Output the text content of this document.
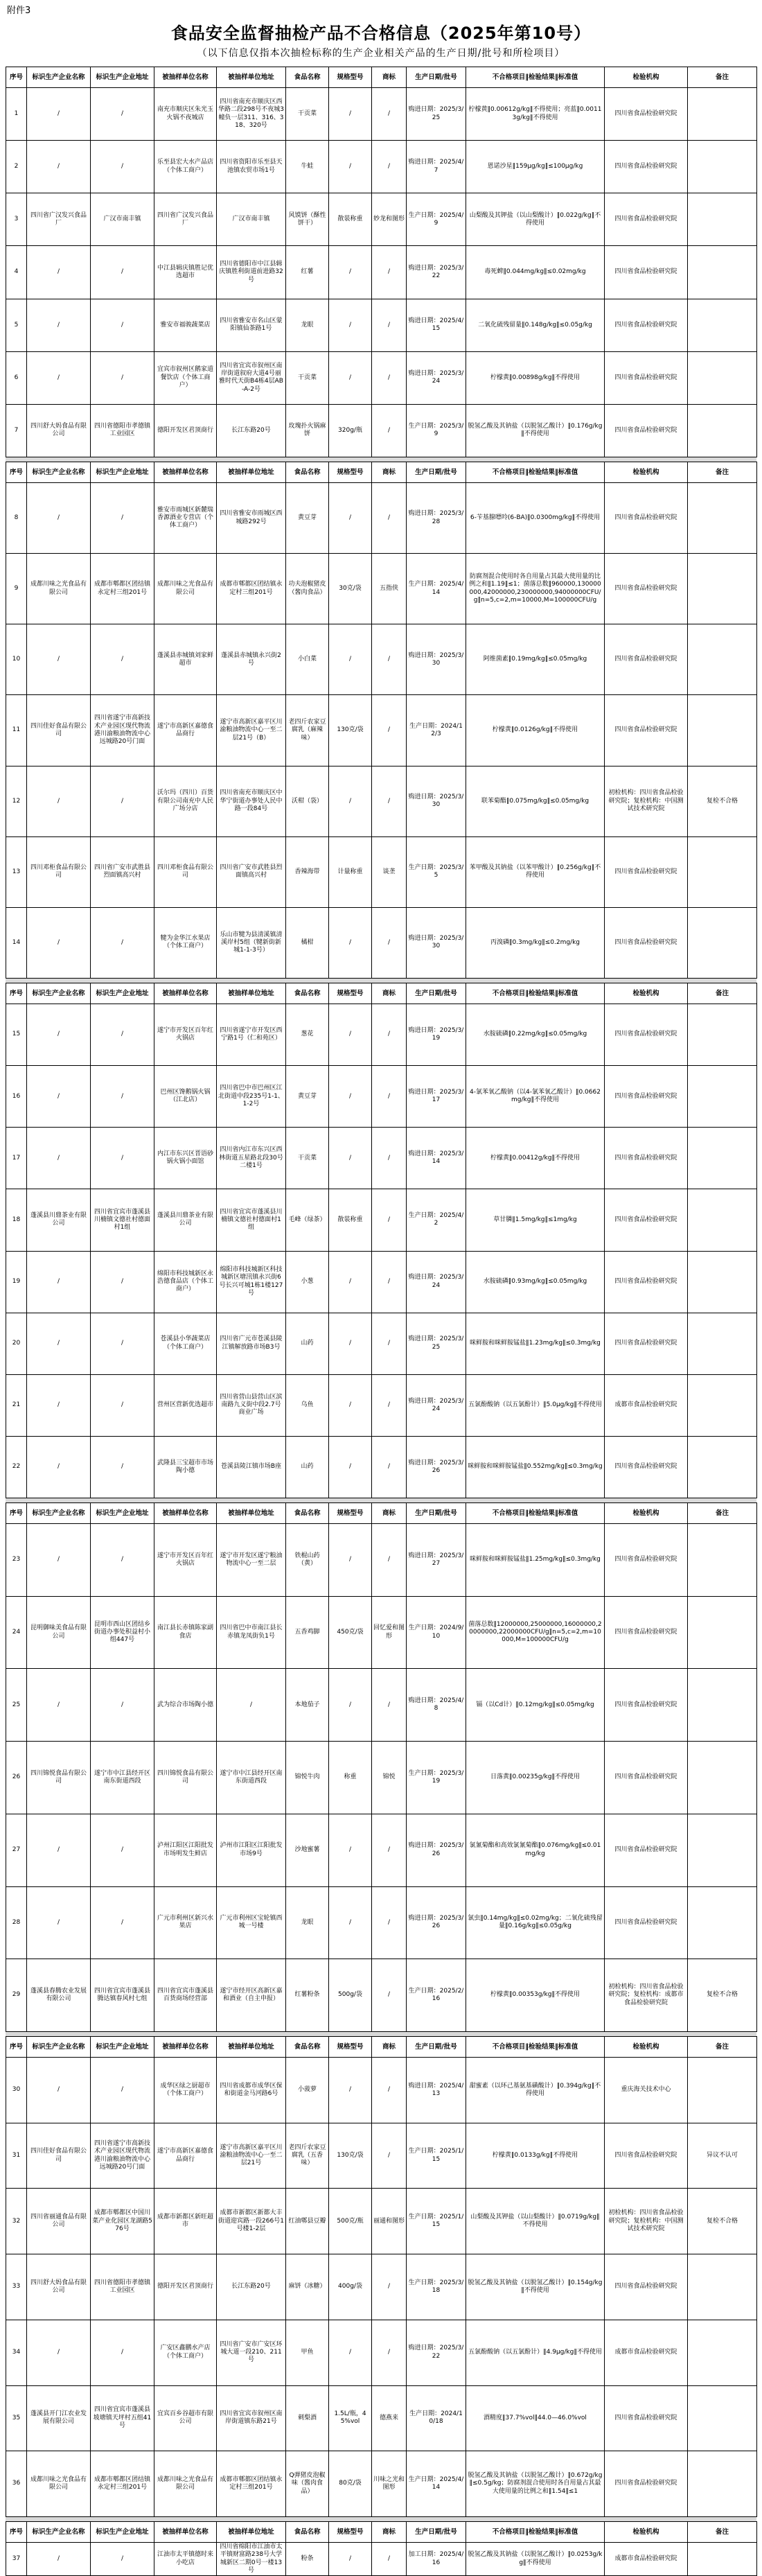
附件3
食品安全监督抽检产品不合格信息（2025年第10号）
（以下信息仅指本次抽检标称的生产企业相关产品的生产日期/批号和所检项目）
序号	标识生产企业名称	标识生产企业地址	被抽样单位名称	被抽样单位地址	食品名称	规格型号	商标	生产日期/批号	不合格项目‖检验结果‖标准值	检验机构	备注
1	/	/	南充市顺庆区朱光玉火锅不夜城店	四川省南充市顺庆区西华路二段298号不夜城3幢负一层311、316、318、320号	干贡菜	/	/	购进日期：2025/3/25	柠檬黄‖0.00612g/kg‖不得使用；亮蓝‖0.00113g/kg‖不得使用	四川省食品检验研究院	
2	/	/	乐至县宏大水产品店（个体工商户）	四川省资阳市乐至县天池镇农贸市场1号	牛蛙	/	/	购进日期：2025/4/7	恩诺沙星‖159μg/kg‖≤100μg/kg	四川省食品检验研究院	
3	四川省广汉发兴食品厂	广汉市南丰镇	四川省广汉发兴食品厂	广汉市南丰镇	风馍饼（酥性饼干）	散装称重	妙龙和图形	生产日期：2025/4/9	山梨酸及其钾盐（以山梨酸计）‖0.022g/kg‖不得使用	四川省食品检验研究院	
4	/	/	中江县辑庆镇胜记优选超市	四川省德阳市中江县辑庆镇胜利街道前进路32号	红薯	/	/	购进日期：2025/3/22	毒死蜱‖0.044mg/kg‖≤0.02mg/kg	四川省食品检验研究院	
5	/	/	雅安市福骏蔬菜店	四川省雅安市名山区蒙阳镇仙茶路1号	龙眼	/	/	购进日期：2025/4/15	二氧化硫残留量‖0.148g/kg‖≤0.05g/kg	四川省食品检验研究院	
6	/	/	宜宾市叙州区鹅家道餐饮店（个体工商户）	四川省宜宾市叙州区南岸街道叙府大道4号丽雅时代天街B4栋4层AB-A-2号	干贡菜	/	/	购进日期：2025/3/24	柠檬黄‖0.00898g/kg‖不得使用	四川省食品检验研究院	
7	四川舒大妈食品有限公司	四川省德阳市孝德镇工业园区	德阳开发区君顶商行	长江东路20号	玫瑰扑火锅麻饼	320g/瓶	/	生产日期：2025/3/9	脱氢乙酸及其钠盐（以脱氢乙酸计）‖0.176g/kg‖不得使用	四川省食品检验研究院	
序号	标识生产企业名称	标识生产企业地址	被抽样单位名称	被抽样单位地址	食品名称	规格型号	商标	生产日期/批号	不合格项目‖检验结果‖标准值	检验机构	备注
8	/	/	雅安市雨城区新麓瑞香源酒业专营店（个体工商户）	四川省雅安市雨城区西城路292号	黄豆芽	/	/	购进日期：2025/3/28	6-苄基腺嘌呤(6-BA)‖0.0300mg/kg‖不得使用	四川省食品检验研究院	
9	成都川味之光食品有限公司	成都市郫都区团结镇永定村三组201号	成都川味之光食品有限公司	成都市郫都区团结镇永定村三组201号	功夫泡椒猪皮（酱肉食品）	30克/袋	五指侠	生产日期：2025/4/14	防腐剂混合使用时各自用量占其最大使用量的比例之和‖1.19‖≤1；菌落总数‖960000,130000000,42000000,230000000,94000000CFU/g‖n=5,c=2,m=10000,M=100000CFU/g	四川省食品检验研究院	
10	/	/	蓬溪县赤城镇刘家鲜超市	蓬溪县赤城镇永兴街2号	小白菜	/	/	购进日期：2025/3/30	阿维菌素‖0.19mg/kg‖≤0.05mg/kg	四川省食品检验研究院	
11	四川佳好食品有限公司	四川省遂宁市高新技术产业园区现代物流港川渝粮油物流中心远城路20号门面	遂宁市高新区嘉德食品商行	遂宁市高新区嘉平区川渝粮油物流中心一至二层21号（B）	老四斤农家豆腐乳（麻辣味）	130克/袋	/	生产日期：2024/12/3	柠檬黄‖0.0126g/kg‖不得使用	四川省食品检验研究院	
12	/	/	沃尔玛（四川）百货有限公司南充中人民广场分店	四川省南充市顺庆区中华宁街道办事处人民中路一段84号	沃柑（袋）	/	/	购进日期：2025/3/30	联苯菊酯‖0.075mg/kg‖≤0.05mg/kg	初检机构：四川省食品检验研究院；复检机构：中国测试技术研究院	复检不合格
13	四川邓柜食品有限公司	四川省广安市武胜县烈面镇高兴村	四川邓柜食品有限公司	四川省广安市武胜县烈面镇高兴村	香辣海带	计量称重	谈垄	生产日期：2025/3/5	苯甲酸及其钠盐（以苯甲酸计）‖0.256g/kg‖不得使用	四川省食品检验研究院	
14	/	/	犍为金华江水果店（个体工商户）	乐山市犍为县清溪镇清溪岸村5组（犍新街新城1-1-3号）	橘柑	/	/	购进日期：2025/3/30	丙溴磷‖0.3mg/kg‖≤0.2mg/kg	四川省食品检验研究院	
序号	标识生产企业名称	标识生产企业地址	被抽样单位名称	被抽样单位地址	食品名称	规格型号	商标	生产日期/批号	不合格项目‖检验结果‖标准值	检验机构	备注
15	/	/	遂宁市开发区百年红火锅店	四川省遂宁市开发区西宁路1号（仁和苑区）	葱花	/	/	购进日期：2025/3/19	水胺硫磷‖0.22mg/kg‖≤0.05mg/kg	四川省食品检验研究院	
16	/	/	巴州区馋鹅锅火锅（江北店）	四川省巴中市巴州区江北街道中段235号1-1、1-2号	黄豆芽	/	/	购进日期：2025/3/17	4-氯苯氧乙酸钠（以4-氯苯氧乙酸计）‖0.0662mg/kg‖不得使用	四川省食品检验研究院	
17	/	/	内江市东兴区晋语砂锅火锅小面馆	四川省内江市东兴区西林街道五星路北段30号二楼1号	干贡菜	/	/	购进日期：2025/3/14	柠檬黄‖0.00412g/kg‖不得使用	四川省食品检验研究院	
18	蓬溪县川鼎茶业有限公司	四川省宜宾市蓬溪县川楠镇文德社村德面村1组	蓬溪县川鼎茶业有限公司	四川省宜宾市蓬溪县川楠镇文德社村德面村1组	毛峰（绿茶）	散装称重	/	生产日期：2025/4/2	草甘膦‖1.5mg/kg‖≤1mg/kg	四川省食品检验研究院	
19	/	/	绵阳市科技城新区永浩德食品店（个体工商户）	绵阳市科技城新区科技城新区塘汛镇永兴街6号长兴可城1栋1楼127号	小葱	/	/	购进日期：2025/3/24	水胺硫磷‖0.93mg/kg‖≤0.05mg/kg	四川省食品检验研究院	
20	/	/	苍溪县小华蔬菜店（个体工商户）	四川省广元市苍溪县陵江镇解放路市场B3号	山药	/	/	购进日期：2025/3/25	咪鲜胺和咪鲜胺锰盐‖1.23mg/kg‖≤0.3mg/kg	四川省食品检验研究院	
21	/	/	营州区营新优选超市	四川省营山县营山区滨南路九义街中段2.7号商业广场	乌鱼	/	/	购进日期：2025/3/24	五氯酚酸钠（以五氯酚计）‖5.0μg/kg‖不得使用	成都市食品检验研究院	
22	/	/	武隆县三宝超市市场陶小德	苍溪县陵江镇市场B座	山药	/	/	购进日期：2025/3/26	咪鲜胺和咪鲜胺锰盐‖0.552mg/kg‖≤0.3mg/kg	四川省食品检验研究院	
序号	标识生产企业名称	标识生产企业地址	被抽样单位名称	被抽样单位地址	食品名称	规格型号	商标	生产日期/批号	不合格项目‖检验结果‖标准值	检验机构	备注
23	/	/	遂宁市开发区百年红火锅店	遂宁市开发区遂宁粮油物流中心一至二层	铁棍山药（黄）	/	/	购进日期：2025/3/27	咪鲜胺和咪鲜胺锰盐‖1.25mg/kg‖≤0.3mg/kg	四川省食品检验研究院	
24	昆明御味美食品有限公司	昆明市西山区团结乡街道办事处积益村小组447号	南江县长赤镇陈家副食店	四川省巴中市南江县长赤镇龙凤街负1号	五香鸡脚	450克/袋	回忆爱和图形	生产日期：2024/9/10	菌落总数‖12000000,25000000,16000000,20000000,22000000CFU/g‖n=5,c=2,m=10000,M=100000CFU/g	四川省食品检验研究院	
25	/	/	武为综合市场陶小德	/	本地茄子	/	/	购进日期：2025/4/8	镉（以Cd计）‖0.12mg/kg‖≤0.05mg/kg	四川省食品检验研究院	
26	四川锦悦食品有限公司	遂宁市中江县经开区南东街道西段	四川锦悦食品有限公司	遂宁市中江县经开区南东街道西段	锦悦牛肉	称重	锦悦	生产日期：2025/3/19	日落黄‖0.00235g/kg‖不得使用	四川省食品检验研究院	
27	/	/	泸州江阳区江阳批发市场明发生鲜店	泸州市江阳区江阳批发市场9号	沙地蜜薯	/	/	购进日期：2025/3/26	氯氰菊酯和高效氯氰菊酯‖0.076mg/kg‖≤0.01mg/kg	四川省食品检验研究院	
28	/	/	广元市利州区新兴水果店	广元市利州区宝轮镇西城一号楼	龙眼	/	/	购进日期：2025/3/26	氯虫‖0.14mg/kg‖≤0.02mg/kg；二氧化硫残留量‖0.16g/kg‖≤0.05g/kg	四川省食品检验研究院	
29	蓬溪县春腾农业发展有限公司	四川省宜宾市蓬溪县腾达镇春风村七组	四川省宜宾市蓬溪县百货商场经营部	遂宁市经开区高新区嘉和酒业（自主申报）	红薯粉条	500g/袋	/	生产日期：2025/2/16	柠檬黄‖0.00353g/kg‖不得使用	初检机构：四川省食品检验研究院；复检机构：成都市食品检验研究院	复检不合格
序号	标识生产企业名称	标识生产企业地址	被抽样单位名称	被抽样单位地址	食品名称	规格型号	商标	生产日期/批号	不合格项目‖检验结果‖标准值	检验机构	备注
30	/	/	成华区绿之厨超市（个体工商户）	四川省成都市成华区保和街道金马河路6号	小菠萝	/	/	购进日期：2025/4/13	甜蜜素（以环己基氨基磺酸计）‖0.394g/kg‖不得使用	重庆海关技术中心	
31	四川佳好食品有限公司	四川省遂宁市高新技术产业园区现代物流港川渝粮油物流中心远城路20号门面	遂宁市高新区嘉德食品商行	遂宁市高新区嘉平区川渝粮油物流中心一至二层21号	老四斤农家豆腐乳（五香味）	130克/袋	/	生产日期：2025/1/15	柠檬黄‖0.0133g/kg‖不得使用	四川省食品检验研究院	异议不认可
32	四川省丽通食品有限公司	成都市郫都区中国川菜产业化园区龙湖路576号	成都市新都区新旺超市	成都市新都区新都大丰街道迎宾路一段266号1号楼1-2层	红油郫县豆瓣	500克/瓶	丽通和图形	生产日期：2025/1/15	山梨酸及其钾盐（以山梨酸计）‖0.0719g/kg‖不得使用	初检机构：四川省食品检验研究院；复检机构：中国测试技术研究院	复检不合格
33	四川舒大妈食品有限公司	四川省德阳市孝德镇工业园区	德阳开发区君顶商行	长江东路20号	麻饼（冰糖）	400g/袋	/	生产日期：2025/3/18	脱氢乙酸及其钠盐（以脱氢乙酸计）‖0.154g/kg‖不得使用	四川省食品检验研究院	
34	/	/	广安区鑫鹏水产店（个体工商户）	四川省广安市广安区环城大道一段210、211号	甲鱼	/	/	购进日期：2025/3/22	五氯酚酸钠（以五氯酚计）‖4.9μg/kg‖不得使用	成都市食品检验研究院	
35	蓬溪县开门江农业发展有限公司	四川省宜宾市蓬溪县坡塘镇天坪村五组41号	宜宾百乡谷超市有限公司	四川省宜宾市叙州区南岸街道镇东路21号	刺梨酒	1.5L/瓶，45%vol	德燕来	生产日期：2024/10/18	酒精度‖37.7%vol‖44.0—46.0%vol	四川省食品检验研究院	
36	成都川味之光食品有限公司	成都市郫都区团结镇永定村三组201号	成都川味之光食品有限公司	成都市郫都区团结镇永定村三组201号	Q弹猪皮泡椒味（酱肉食品）	80克/袋	川味之光和图形	生产日期：2025/4/14	脱氢乙酸及其钠盐（以脱氢乙酸计）‖0.672g/kg‖≤0.5g/kg；防腐剂混合使用时各自用量占其最大使用量的比例之和‖1.54‖≤1	四川省食品检验研究院	
序号	标识生产企业名称	标识生产企业地址	被抽样单位名称	被抽样单位地址	食品名称	规格型号	商标	生产日期/批号	不合格项目‖检验结果‖标准值	检验机构	备注
37	/	/	江油市太平镇德时来小吃店	四川省绵阳市江油市太平镇财富路238号大学城新区二期0号一楼13号	粉条	/	/	加工日期：2025/4/16	脱氢乙酸及其钠盐（以脱氢乙酸计）‖0.0253g/kg‖不得使用	成都市食品检验研究院	
